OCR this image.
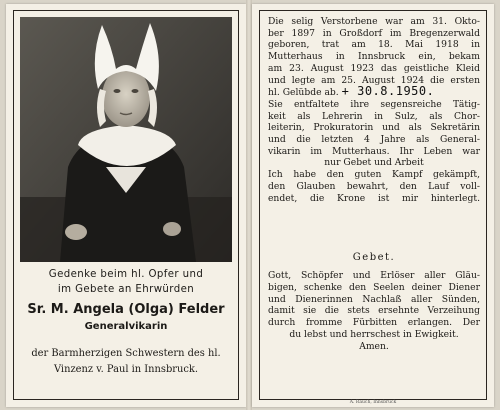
Gedenke beim hl. Opfer und
im Gebete an Ehrwürden
Sr. M. Angela (Olga) Felder
Generalvikarin
der Barmherzigen Schwestern des hl.
Vinzenz v. Paul in Innsbruck.
Die selig Verstorbene war am 31. Okto-
ber 1897 in Großdorf im Bregenzerwald
geboren, trat am 18. Mai 1918 in
Mutterhaus in Innsbruck ein, bekam
am 23. August 1923 das geistliche Kleid
und legte am 25. August 1924 die ersten
hl. Gelübde ab. + 30.8.1950.
Sie entfaltete ihre segensreiche Tätig-
keit als Lehrerin in Sulz, als Chor-
leiterin, Prokuratorin und als Sekretärin
und die letzten 4 Jahre als General-
vikarin im Mutterhaus. Ihr Leben war
nur Gebet und Arbeit
Ich habe den guten Kampf gekämpft,
den Glauben bewahrt, den Lauf voll-
endet, die Krone ist mir hinterlegt.
Gebet.
Gott, Schöpfer und Erlöser aller Gläu-
bigen, schenke den Seelen deiner Diener
und Dienerinnen Nachlaß aller Sünden,
damit sie die stets ersehnte Verzeihung
durch fromme Fürbitten erlangen. Der
du lebst und herrschest in Ewigkeit.
Amen.
A. Rauch, Innsbruck
